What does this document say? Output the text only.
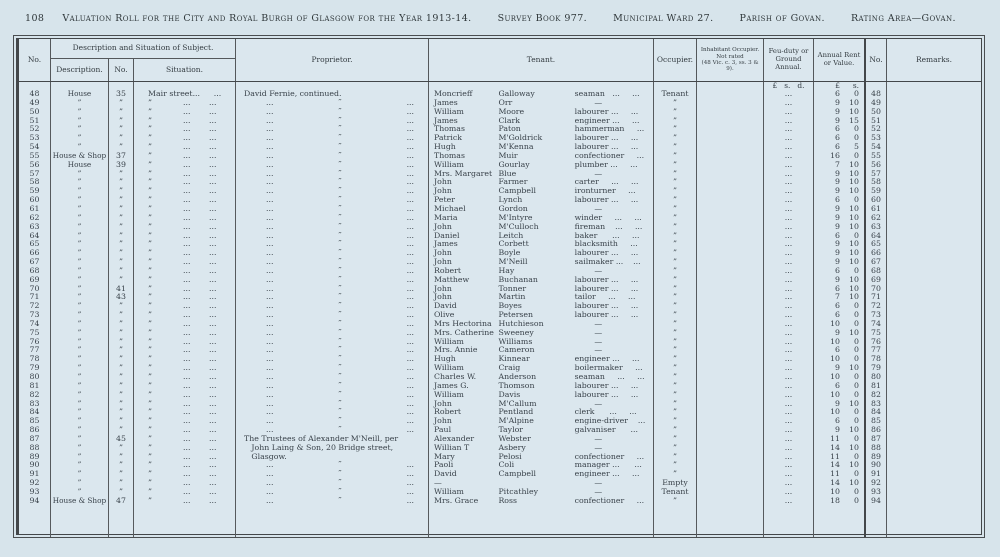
108 Valuation Roll for the City and Royal Burgh of Glasgow for the Year 1913-14.	Survey Book 977.	Municipal Ward 27.	Parish of Govan.	Rating Area—Govan.
No.
Description and Situation of Subject.
Description.	No.	Situation.
Proprietor.	Tenant.	Occupier.
Inhabitant Occupier.
Not rated
(48 Vic. c. 3, ss. 3 & 9).
Feu-duty or Ground Annual.
Annual Rent or Value.	No.	Remarks.
£   s.   d.	£	s.
48	House	35	Mair street ...	...	David Fernie, continued.	Moncrieff	Galloway	seaman   ...     ...	Tenant	...	6	0	48
49	”	”	”	...	...	...	”	...	James	Orr	—	”	...	9	10	49
50	”	”	”	...	...	...	”	...	William	Moore	labourer ...     ...	”	...	9	10	50
51	”	”	”	...	...	...	”	...	James	Clark	engineer ...     ...	”	...	9	15	51
52	”	”	”	...	...	...	”	...	Thomas	Paton	hammerman     ...	”	...	6	0	52
53	”	”	”	...	...	...	”	...	Patrick	M'Goldrick	labourer ...     ...	”	...	6	0	53
54	”	”	”	...	...	...	”	...	Hugh	M'Kenna	labourer ...     ...	”	...	6	5	54
55	House & Shop	37	”	...	...	...	”	...	Thomas	Muir	confectioner     ...	”	...	16	0	55
56	House	39	”	...	...	...	”	...	William	Gourlay	plumber ...     ...	”	...	7	10	56
57	”	”	”	...	...	...	”	...	Mrs. Margaret Blue	—	”	...	9	10	57
58	”	”	”	...	...	...	”	...	John	Farmer	carter     ...     ...	”	...	9	10	58
59	”	”	”	...	...	...	”	...	John	Campbell	ironturner     ...	”	...	9	10	59
60	”	”	”	...	...	...	”	...	Peter	Lynch	labourer ...     ...	”	...	6	0	60
61	”	”	”	...	...	...	”	...	Michael	Gordon	—	”	...	9	10	61
62	”	”	”	...	...	...	”	...	Maria	M'Intyre	winder     ...     ...	”	...	9	10	62
63	”	”	”	...	...	...	”	...	John	M'Culloch	fireman    ...     ...	”	...	9	10	63
64	”	”	”	...	...	...	”	...	Daniel	Leitch	baker      ...     ...	”	...	6	0	64
65	”	”	”	...	...	...	”	...	James	Corbett	blacksmith     ...	”	...	9	10	65
66	”	”	”	...	...	...	”	...	John	Boyle	labourer ...     ...	”	...	9	10	66
67	”	”	”	...	...	...	”	...	John	M'Neill	sailmaker ...    ...	”	...	9	10	67
68	”	”	”	...	...	...	”	...	Robert	Hay	—	”	...	6	0	68
69	”	”	”	...	...	...	”	...	Matthew	Buchanan	labourer ...     ...	”	...	9	10	69
70	”	41	”	...	...	...	”	...	John	Tonner	labourer ...     ...	”	...	6	10	70
71	”	43	”	...	...	...	”	...	John	Martin	tailor     ...     ...	”	...	7	10	71
72	”	”	”	...	...	...	”	...	David	Boyes	labourer ...     ...	”	...	6	0	72
73	”	”	”	...	...	...	”	...	Olive	Petersen	labourer ...     ...	”	...	6	0	73
74	”	”	”	...	...	...	”	...	Mrs Hectorina Hutchieson	—	”	...	10	0	74
75	”	”	”	...	...	...	”	...	Mrs. Catherine Sweeney	—	”	...	9	10	75
76	”	”	”	...	...	...	”	...	William	Williams	—	”	...	10	0	76
77	”	”	”	...	...	...	”	...	Mrs. Annie	Cameron	—	”	...	6	0	77
78	”	”	”	...	...	...	”	...	Hugh	Kinnear	engineer ...     ...	”	...	10	0	78
79	”	”	”	...	...	...	”	...	William	Craig	boilermaker     ...	”	...	9	10	79
80	”	”	”	...	...	...	”	...	Charles W.	Anderson	seaman     ...     ...	”	...	10	0	80
81	”	”	”	...	...	...	”	...	James G.	Thomson	labourer ...     ...	”	...	6	0	81
82	”	”	”	...	...	...	”	...	William	Davis	labourer ...     ...	”	...	10	0	82
83	”	”	”	...	...	...	”	...	John	M'Callum	—	”	...	9	10	83
84	”	”	”	...	...	...	”	...	Robert	Pentland	clerk      ...     ...	”	...	10	0	84
85	”	”	”	...	...	...	”	...	John	M'Alpine	engine-driver    ...	”	...	6	0	85
86	”	”	”	...	...	...	”	...	Paul	Taylor	galvaniser      ...	”	...	9	10	86
87	”	45	”	...	...	The Trustees of Alexander M'Neill, per	Alexander	Webster	—	”	...	11	0	87
88	”	”	”	...	...	John Laing & Son, 20 Bridge street,	Willian T	Asbery	—	”	...	14	10	88
89	”	”	”	...	...	Glasgow.	Mary	Pelosi	confectioner     ...	”	...	11	0	89
90	”	”	”	...	...	...	”	...	Paoli	Coli	manager ...      ...	”	...	14	10	90
91	”	”	”	...	...	...	”	...	David	Campbell	engineer ...     ...	”	...	11	0	91
92	”	”	”	...	...	...	”	...	—	—	Empty	...	14	10	92
93	”	”	”	...	...	...	”	...	William	Pitcathley	—	Tenant	...	10	0	93
94	House & Shop	47	”	...	...	...	”	...	Mrs. Grace	Ross	confectioner     ...	”	...	18	0	94
